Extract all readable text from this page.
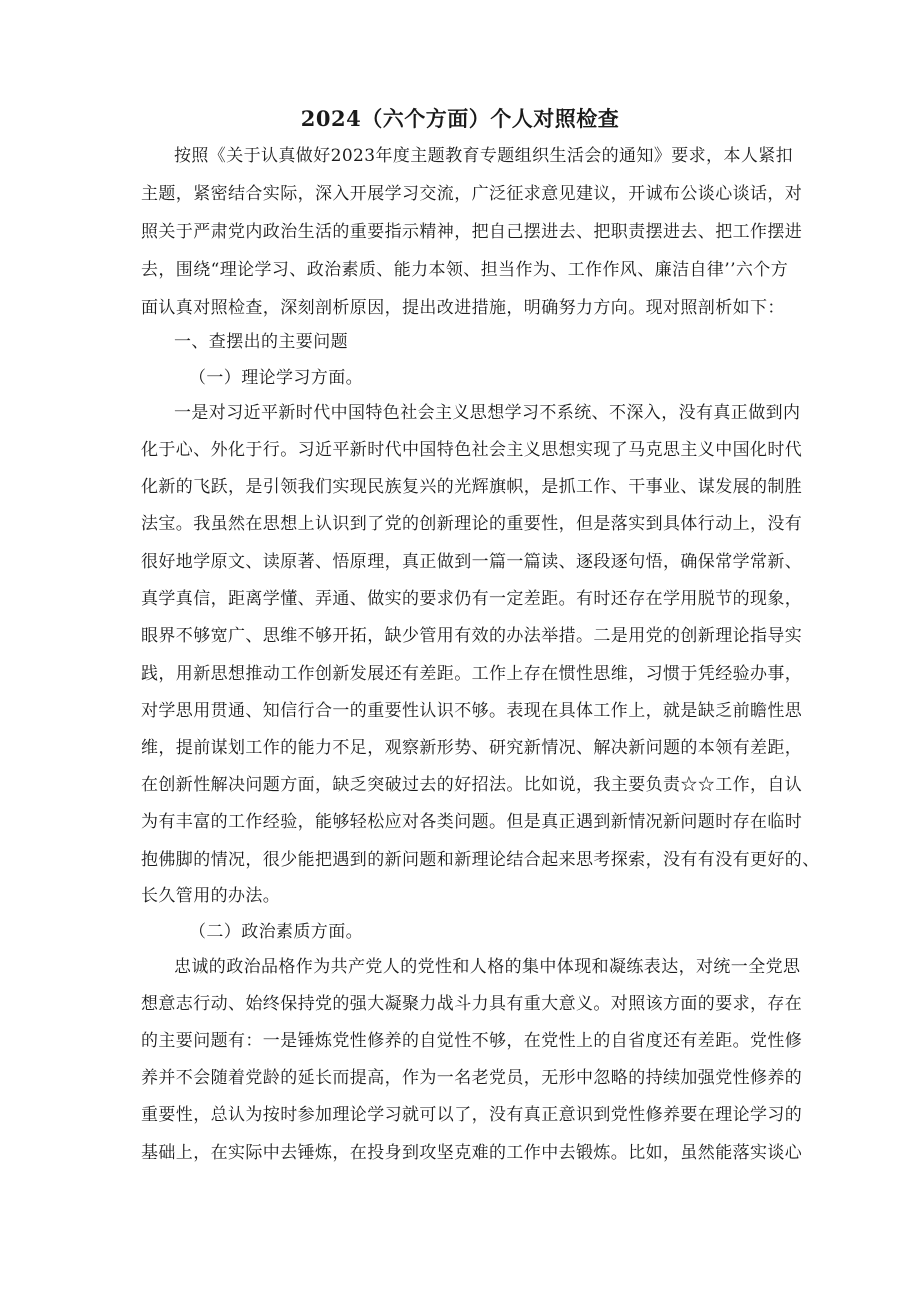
2024（六个方面）个人对照检查
按照《关于认真做好2023年度主题教育专题组织生活会的通知》要求，本人紧扣
主题，紧密结合实际，深入开展学习交流，广泛征求意见建议，开诚布公谈心谈话，对
照关于严肃党内政治生活的重要指示精神，把自己摆进去、把职责摆进去、把工作摆进
去，围绕“理论学习、政治素质、能力本领、担当作为、工作作风、廉洁自律’’六个方
面认真对照检查，深刻剖析原因，提出改进措施，明确努力方向。现对照剖析如下：
一、查摆出的主要问题
（一）理论学习方面。
一是对习近平新时代中国特色社会主义思想学习不系统、不深入，没有真正做到内
化于心、外化于行。习近平新时代中国特色社会主义思想实现了马克思主义中国化时代
化新的飞跃，是引领我们实现民族复兴的光辉旗帜，是抓工作、干事业、谋发展的制胜
法宝。我虽然在思想上认识到了党的创新理论的重要性，但是落实到具体行动上，没有
很好地学原文、读原著、悟原理，真正做到一篇一篇读、逐段逐句悟，确保常学常新、
真学真信，距离学懂、弄通、做实的要求仍有一定差距。有时还存在学用脱节的现象，
眼界不够宽广、思维不够开拓，缺少管用有效的办法举措。二是用党的创新理论指导实
践，用新思想推动工作创新发展还有差距。工作上存在惯性思维，习惯于凭经验办事，
对学思用贯通、知信行合一的重要性认识不够。表现在具体工作上，就是缺乏前瞻性思
维，提前谋划工作的能力不足，观察新形势、研究新情况、解决新问题的本领有差距，
在创新性解决问题方面，缺乏突破过去的好招法。比如说，我主要负责☆☆工作，自认
为有丰富的工作经验，能够轻松应对各类问题。但是真正遇到新情况新问题时存在临时
抱佛脚的情况，很少能把遇到的新问题和新理论结合起来思考探索，没有有没有更好的、
长久管用的办法。
（二）政治素质方面。
忠诚的政治品格作为共产党人的党性和人格的集中体现和凝练表达，对统一全党思
想意志行动、始终保持党的强大凝聚力战斗力具有重大意义。对照该方面的要求，存在
的主要问题有：一是锤炼党性修养的自觉性不够，在党性上的自省度还有差距。党性修
养并不会随着党龄的延长而提高，作为一名老党员，无形中忽略的持续加强党性修养的
重要性，总认为按时参加理论学习就可以了，没有真正意识到党性修养要在理论学习的
基础上，在实际中去锤炼，在投身到攻坚克难的工作中去锻炼。比如，虽然能落实谈心
